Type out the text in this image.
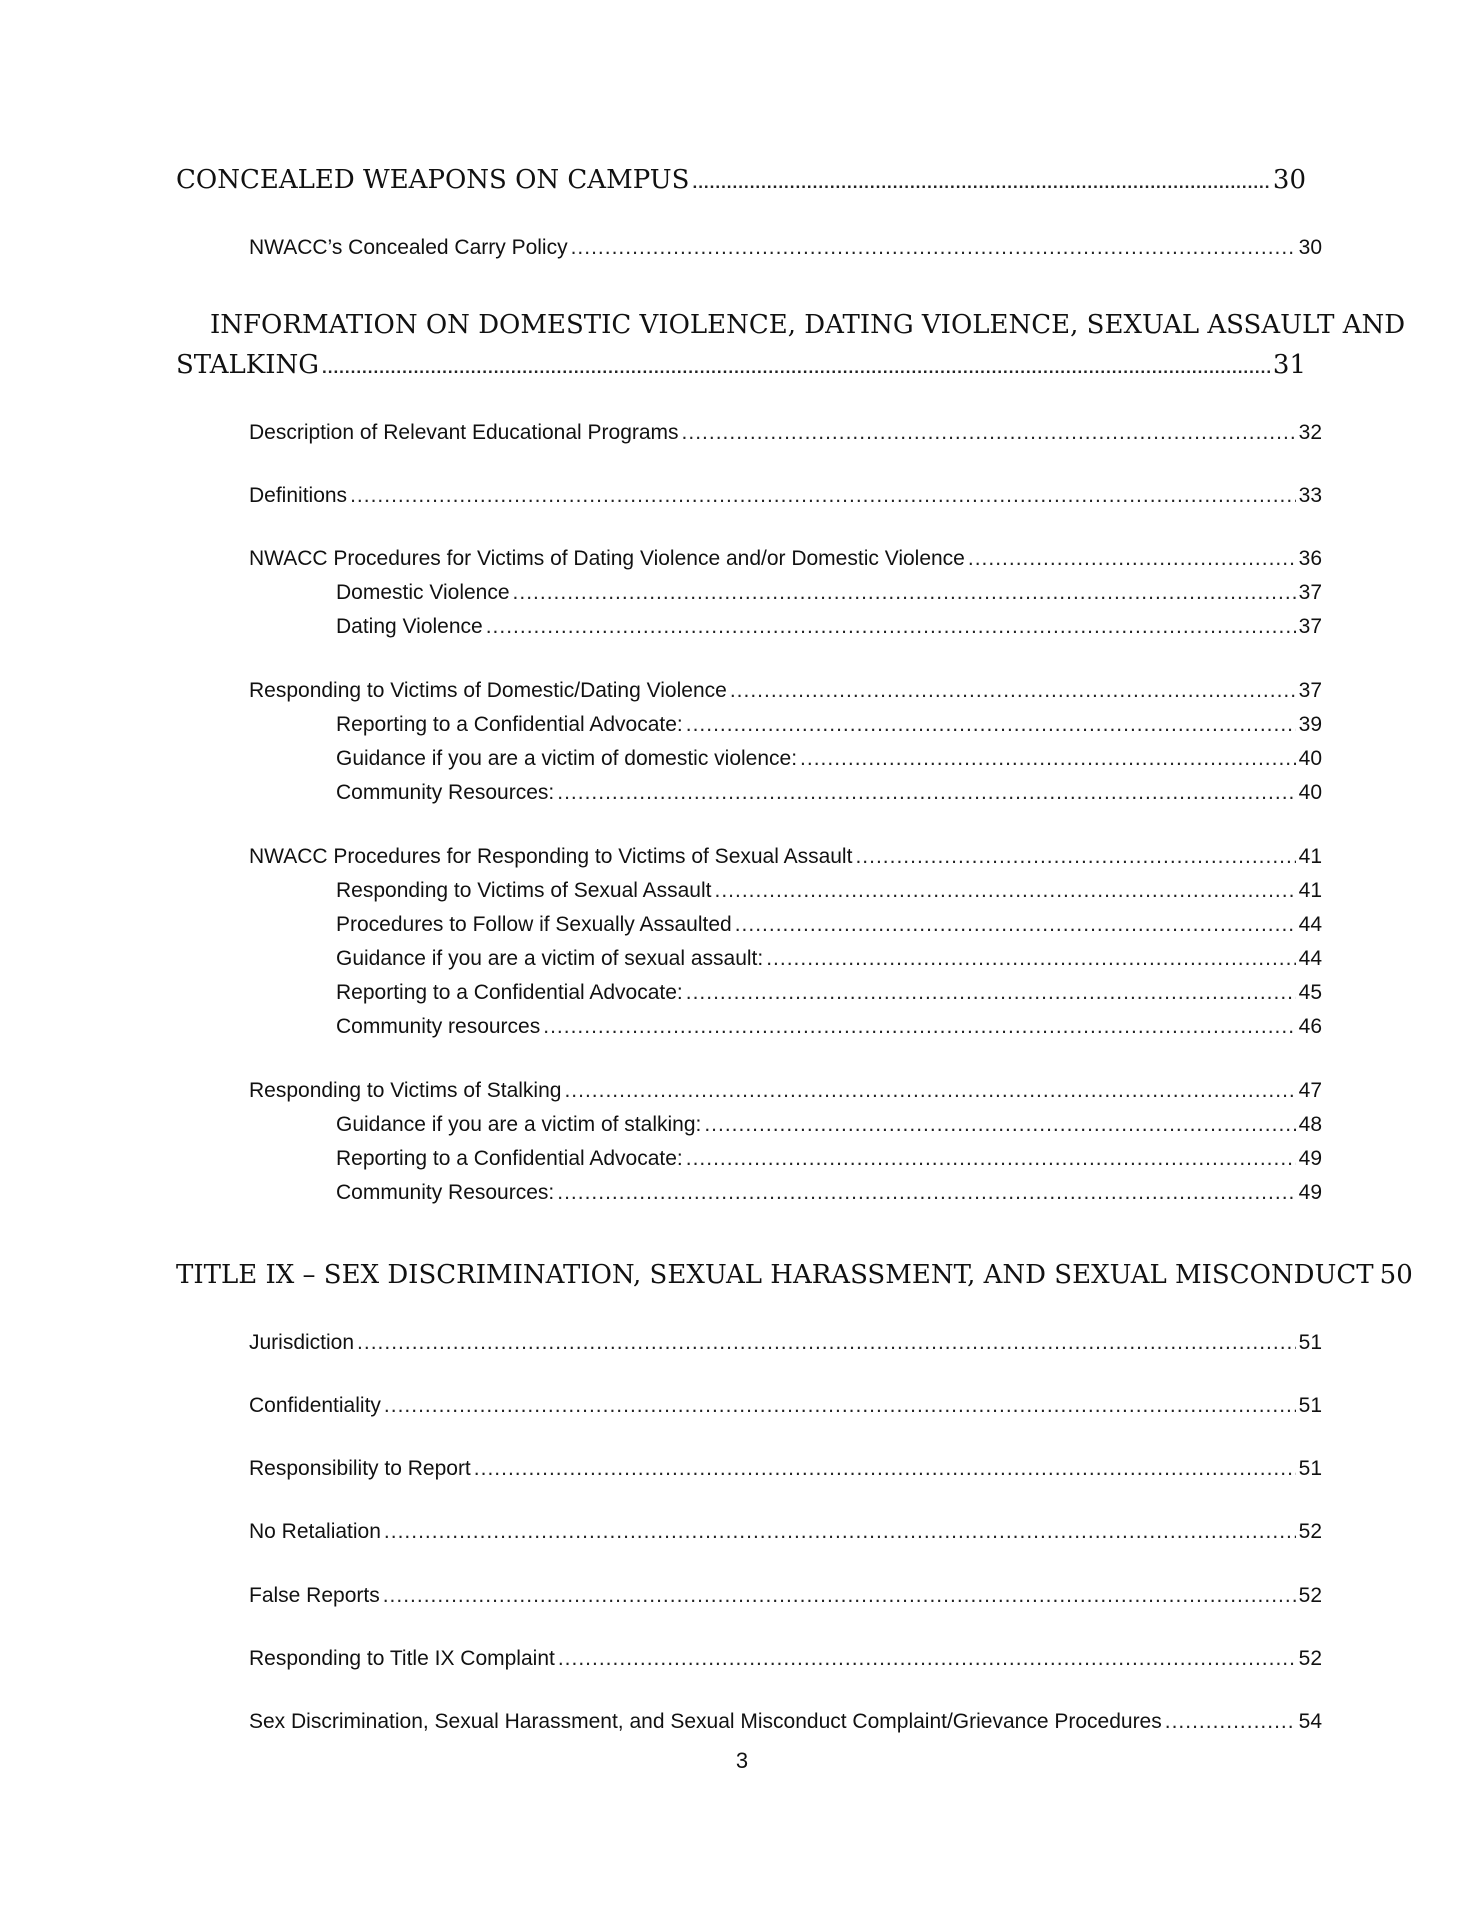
CONCEALED WEAPONS ON CAMPUS .....	30
NWACC’s Concealed Carry Policy .....	30
INFORMATION ON DOMESTIC VIOLENCE, DATING VIOLENCE, SEXUAL ASSAULT AND
STALKING .....	31
Description of Relevant Educational Programs .....	32
Definitions .....	33
NWACC Procedures for Victims of Dating Violence and/or Domestic Violence .....	36
Domestic Violence .....	37
Dating Violence .....	37
Responding to Victims of Domestic/Dating Violence .....	37
Reporting to a Confidential Advocate: .....	39
Guidance if you are a victim of domestic violence: .....	40
Community Resources: .....	40
NWACC Procedures for Responding to Victims of Sexual Assault .....	41
Responding to Victims of Sexual Assault .....	41
Procedures to Follow if Sexually Assaulted .....	44
Guidance if you are a victim of sexual assault: .....	44
Reporting to a Confidential Advocate: .....	45
Community resources .....	46
Responding to Victims of Stalking .....	47
Guidance if you are a victim of stalking: .....	48
Reporting to a Confidential Advocate: .....	49
Community Resources: .....	49
TITLE IX – SEX DISCRIMINATION, SEXUAL HARASSMENT, AND SEXUAL MISCONDUCT 50
Jurisdiction .....	51
Confidentiality .....	51
Responsibility to Report .....	51
No Retaliation .....	52
False Reports .....	52
Responding to Title IX Complaint .....	52
Sex Discrimination, Sexual Harassment, and Sexual Misconduct Complaint/Grievance Procedures .....	54
3
